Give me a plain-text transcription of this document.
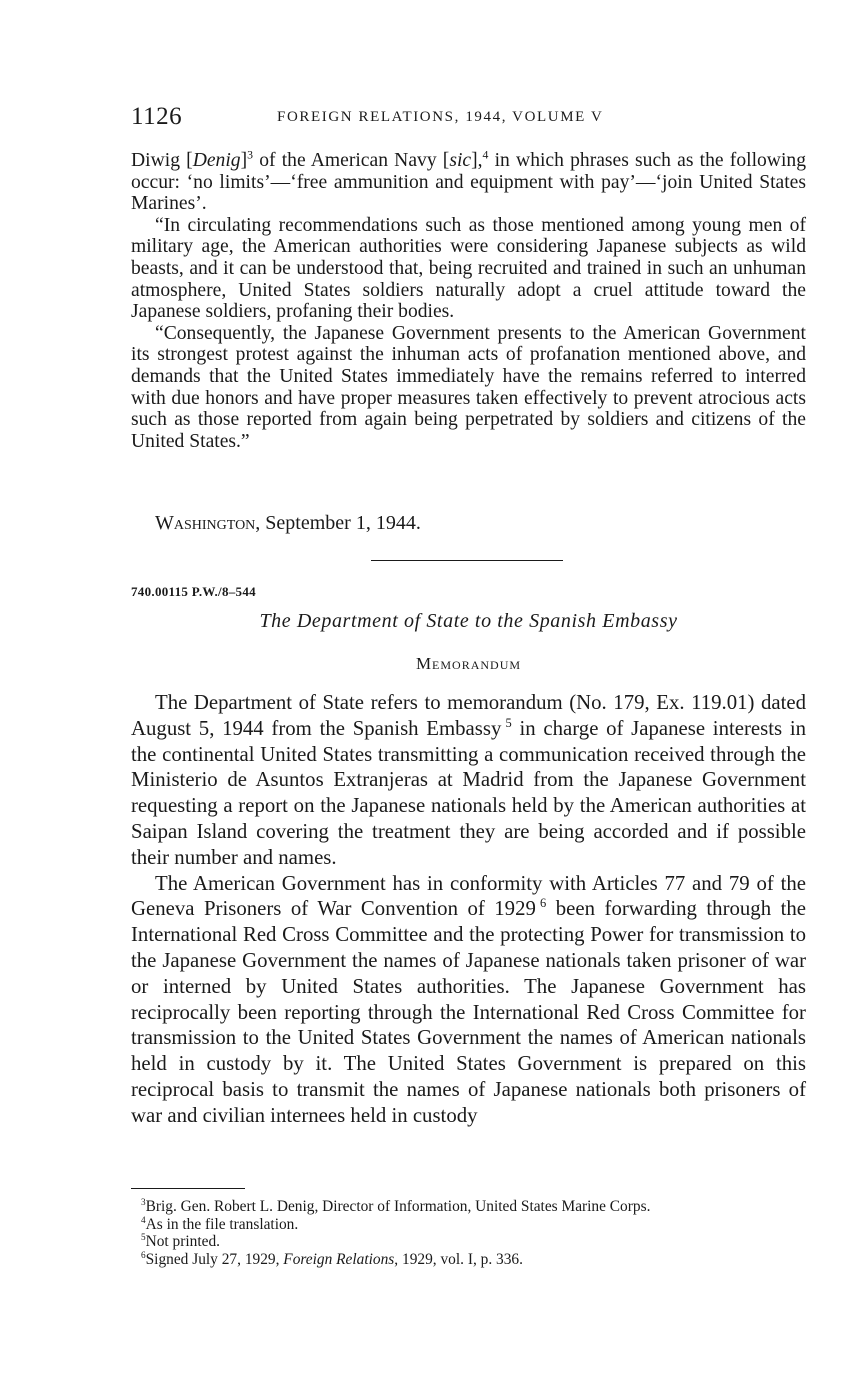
1126	FOREIGN RELATIONS, 1944, VOLUME V

Diwig [Denig]$^3$ of the American Navy [sic],$^4$ in which phrases such as the following occur: ‘no limits’—‘free ammunition and equipment with pay’—‘join United States Marines’.

“In circulating recommendations such as those mentioned among young men of military age, the American authorities were considering Japanese subjects as wild beasts, and it can be understood that, being recruited and trained in such an unhuman atmosphere, United States soldiers naturally adopt a cruel attitude toward the Japanese soldiers, profaning their bodies.

“Consequently, the Japanese Government presents to the American Government its strongest protest against the inhuman acts of profanation mentioned above, and demands that the United States immediately have the remains referred to interred with due honors and have proper measures taken effectively to prevent atrocious acts such as those reported from again being perpetrated by soldiers and citizens of the United States.”

Washington, September 1, 1944.
740.00115 P.W./8–544
The Department of State to the Spanish Embassy
Memorandum

The Department of State refers to memorandum (No. 179, Ex. 119.01) dated August 5, 1944 from the Spanish Embassy  $^5$ in charge of Japanese interests in the continental United States transmitting a communication received through the Ministerio de Asuntos Extranjeras at Madrid from the Japanese Government requesting a report on the Japanese nationals held by the American authorities at Saipan Island covering the treatment they are being accorded and if possible their number and names.

The American Government has in conformity with Articles 77 and 79 of the Geneva Prisoners of War Convention of 1929  $^6$ been forwarding through the International Red Cross Committee and the protecting Power for transmission to the Japanese Government the names of Japanese nationals taken prisoner of war or interned by United States authorities. The Japanese Government has reciprocally been reporting through the International Red Cross Committee for transmission to the United States Government the names of American nationals held in custody by it. The United States Government is prepared on this reciprocal basis to transmit the names of Japanese nationals both prisoners of war and civilian internees held in custody

$^3$Brig. Gen. Robert L. Denig, Director of Information, United States Marine Corps.

$^4$As in the file translation.

$^5$Not printed.

$^6$Signed July 27, 1929, Foreign Relations, 1929, vol. I, p. 336.
